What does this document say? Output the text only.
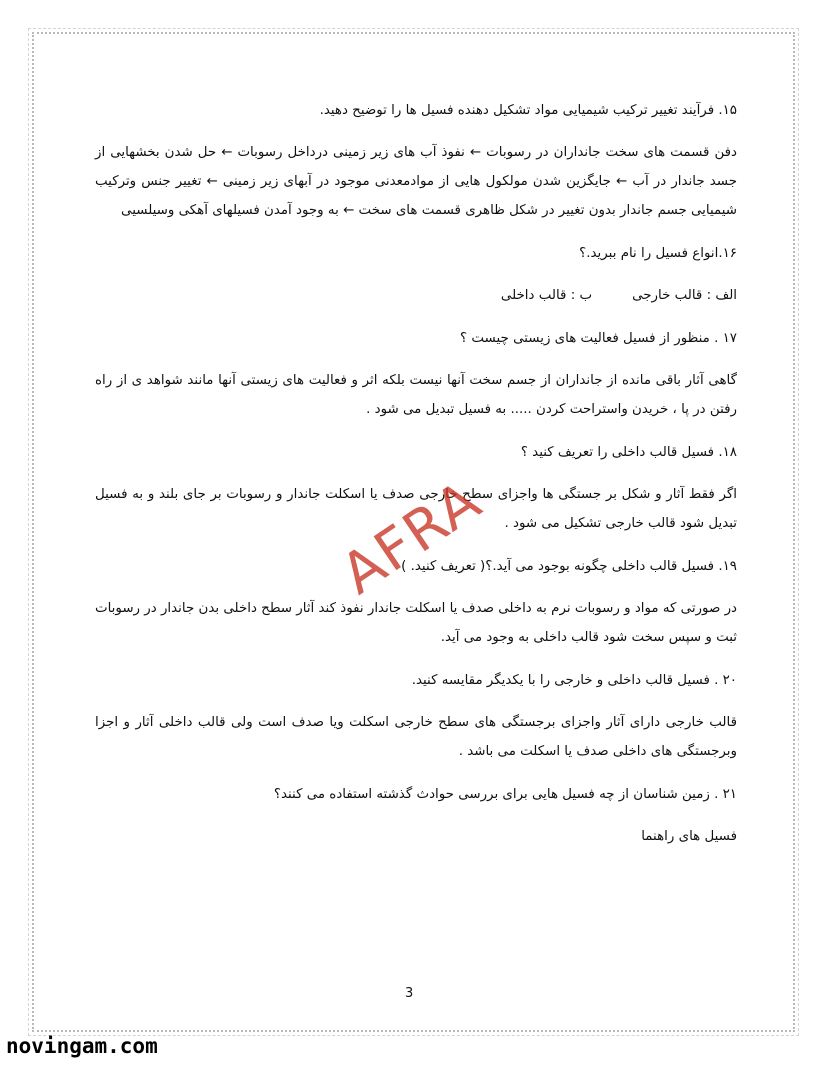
۱۵. فرآیند تغییر ترکیب شیمیایی مواد تشکیل دهنده فسیل ها را توضیح دهید.

دفن قسمت های سخت جانداران در رسوبات ← نفوذ آب های زیر زمینی درداخل رسوبات ← حل شدن بخشهایی از جسد جاندار در آب ← جایگزین شدن مولکول هایی از موادمعدنی موجود در آبهای زیر زمینی ← تغییر جنس وترکیب شیمیایی جسم جاندار بدون تغییر در شکل ظاهری قسمت های سخت ← به وجود آمدن فسیلهای آهکی وسیلسیی

۱۶.انواع فسیل را نام ببرید.؟

الف : قالب خارجیب : قالب داخلی

۱۷ . منظور از فسیل فعالیت های زیستی چیست ؟

گاهی آثار باقی مانده از جانداران از جسم سخت آنها نیست بلکه اثر و فعالیت های زیستی آنها مانند شواهد ی از راه رفتن در پا ، خریدن واستراحت کردن ..... به فسیل تبدیل می شود .

۱۸. فسیل قالب داخلی را تعریف کنید ؟

اگر فقط آثار و شکل بر جستگی ها واجزای سطح خارجی صدف یا اسکلت جاندار و رسوبات بر جای بلند و به فسیل تبدیل شود قالب خارجی تشکیل می شود .

۱۹. فسیل قالب داخلی چگونه بوجود می آید.؟( تعریف کنید. )

در صورتی که مواد و رسوبات نرم به داخلی صدف یا اسکلت جاندار نفوذ کند آثار سطح داخلی بدن جاندار در رسوبات ثبت و سپس سخت شود قالب داخلی به وجود می آید.

۲۰ . فسیل قالب داخلی و خارجی را با یکدیگر مقایسه کنید.

قالب خارجی دارای آثار واجزای برجستگی های سطح خارجی اسکلت ویا صدف است ولی قالب داخلی آثار و اجزا وبرجستگی های داخلی صدف یا اسکلت می باشد .

۲۱ . زمین شناسان از چه فسیل هایی برای بررسی حوادث گذشته استفاده می کنند؟

فسیل های راهنما

AFRA
3
novingam.com
